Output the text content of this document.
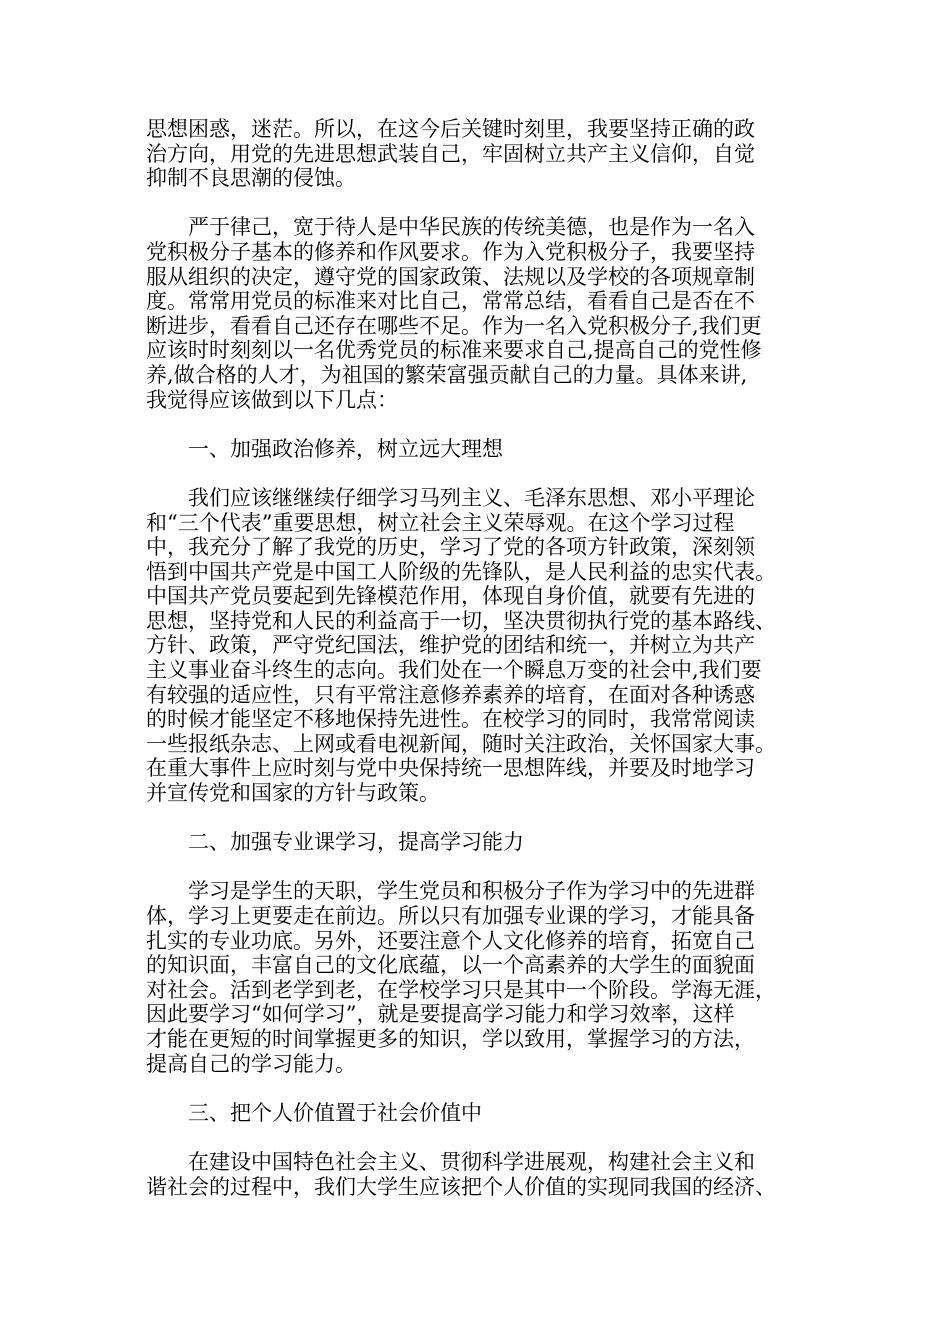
思想困惑，迷茫。所以，在这今后关键时刻里，我要坚持正确的政
治方向，用党的先进思想武装自己，牢固树立共产主义信仰，自觉
抑制不良思潮的侵蚀。
　　严于律己，宽于待人是中华民族的传统美德，也是作为一名入
党积极分子基本的修养和作风要求。作为入党积极分子，我要坚持
服从组织的决定，遵守党的国家政策、法规以及学校的各项规章制
度。常常用党员的标准来对比自己，常常总结，看看自己是否在不
断进步，看看自己还存在哪些不足。作为一名入党积极分子,我们更
应该时时刻刻以一名优秀党员的标准来要求自己,提高自己的党性修
养,做合格的人才，为祖国的繁荣富强贡献自己的力量。具体来讲,
我觉得应该做到以下几点：
　　一、加强政治修养，树立远大理想
　　我们应该继继续仔细学习马列主义、毛泽东思想、邓小平理论
和“三个代表”重要思想，树立社会主义荣辱观。在这个学习过程
中，我充分了解了我党的历史，学习了党的各项方针政策，深刻领
悟到中国共产党是中国工人阶级的先锋队，是人民利益的忠实代表。
中国共产党员要起到先锋模范作用，体现自身价值，就要有先进的
思想，坚持党和人民的利益高于一切，坚决贯彻执行党的基本路线、
方针、政策，严守党纪国法，维护党的团结和统一，并树立为共产
主义事业奋斗终生的志向。我们处在一个瞬息万变的社会中,我们要
有较强的适应性，只有平常注意修养素养的培育，在面对各种诱惑
的时候才能坚定不移地保持先进性。在校学习的同时，我常常阅读
一些报纸杂志、上网或看电视新闻，随时关注政治，关怀国家大事。
在重大事件上应时刻与党中央保持统一思想阵线，并要及时地学习
并宣传党和国家的方针与政策。
　　二、加强专业课学习，提高学习能力
　　学习是学生的天职，学生党员和积极分子作为学习中的先进群
体，学习上更要走在前边。所以只有加强专业课的学习，才能具备
扎实的专业功底。另外，还要注意个人文化修养的培育，拓宽自己
的知识面，丰富自己的文化底蕴，以一个高素养的大学生的面貌面
对社会。活到老学到老，在学校学习只是其中一个阶段。学海无涯，
因此要学习“如何学习”，就是要提高学习能力和学习效率，这样
才能在更短的时间掌握更多的知识，学以致用，掌握学习的方法，
提高自己的学习能力。
　　三、把个人价值置于社会价值中
　　在建设中国特色社会主义、贯彻科学进展观，构建社会主义和
谐社会的过程中，我们大学生应该把个人价值的实现同我国的经济、
